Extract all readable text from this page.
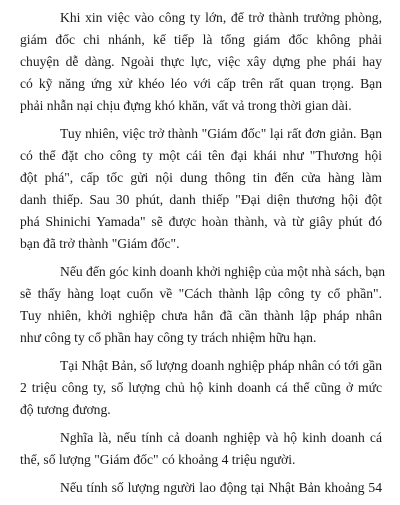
Khi xin việc vào công ty lớn, để trở thành trưởng phòng,
giám đốc chi nhánh, kế tiếp là tổng giám đốc không phải
chuyện dễ dàng. Ngoài thực lực, việc xây dựng phe phái hay
có kỹ năng ứng xử khéo léo với cấp trên rất quan trọng. Bạn
phải nhẫn nại chịu đựng khó khăn, vất vả trong thời gian dài.

Tuy nhiên, việc trở thành "Giám đốc" lại rất đơn giản. Bạn
có thể đặt cho công ty một cái tên đại khái như "Thương hội
đột phá", cấp tốc gửi nội dung thông tin đến cửa hàng làm
danh thiếp. Sau 30 phút, danh thiếp "Đại diện thương hội đột
phá Shinichi Yamada" sẽ được hoàn thành, và từ giây phút đó
bạn đã trở thành "Giám đốc".

Nếu đến góc kinh doanh khởi nghiệp của một nhà sách, bạn
sẽ thấy hàng loạt cuốn về "Cách thành lập công ty cổ phần".
Tuy nhiên, khởi nghiệp chưa hẳn đã cần thành lập pháp nhân
như công ty cổ phần hay công ty trách nhiệm hữu hạn.

Tại Nhật Bản, số lượng doanh nghiệp pháp nhân có tới gần
2 triệu công ty, số lượng chủ hộ kinh doanh cá thể cũng ở mức
độ tương đương.

Nghĩa là, nếu tính cả doanh nghiệp và hộ kinh doanh cá
thể, số lượng "Giám đốc" có khoảng 4 triệu người.

Nếu tính số lượng người lao động tại Nhật Bản khoảng 54
